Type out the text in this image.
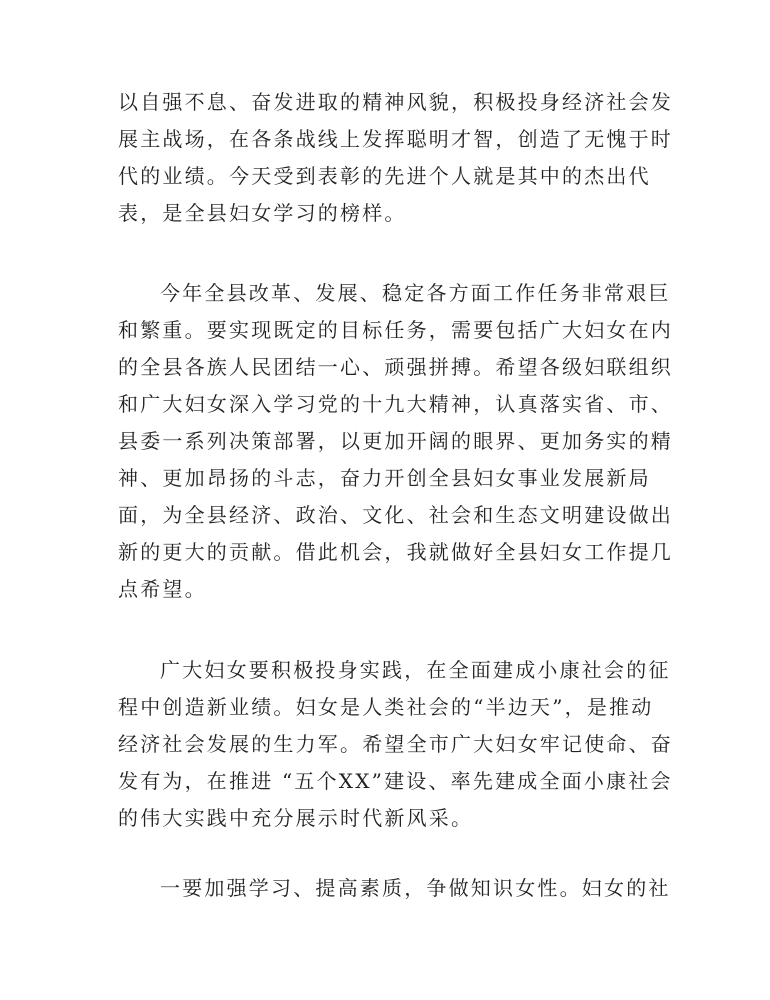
以自强不息、奋发进取的精神风貌，积极投身经济社会发
展主战场，在各条战线上发挥聪明才智，创造了无愧于时
代的业绩。今天受到表彰的先进个人就是其中的杰出代
表，是全县妇女学习的榜样。
今年全县改革、发展、稳定各方面工作任务非常艰巨
和繁重。要实现既定的目标任务，需要包括广大妇女在内
的全县各族人民团结一心、顽强拼搏。希望各级妇联组织
和广大妇女深入学习党的十九大精神，认真落实省、市、
县委一系列决策部署，以更加开阔的眼界、更加务实的精
神、更加昂扬的斗志，奋力开创全县妇女事业发展新局
面，为全县经济、政治、文化、社会和生态文明建设做出
新的更大的贡献。借此机会，我就做好全县妇女工作提几
点希望。
广大妇女要积极投身实践，在全面建成小康社会的征
程中创造新业绩。妇女是人类社会的“半边天”，是推动
经济社会发展的生力军。希望全市广大妇女牢记使命、奋
发有为，在推进 “五个XX”建设、率先建成全面小康社会
的伟大实践中充分展示时代新风采。
一要加强学习、提高素质，争做知识女性。妇女的社
